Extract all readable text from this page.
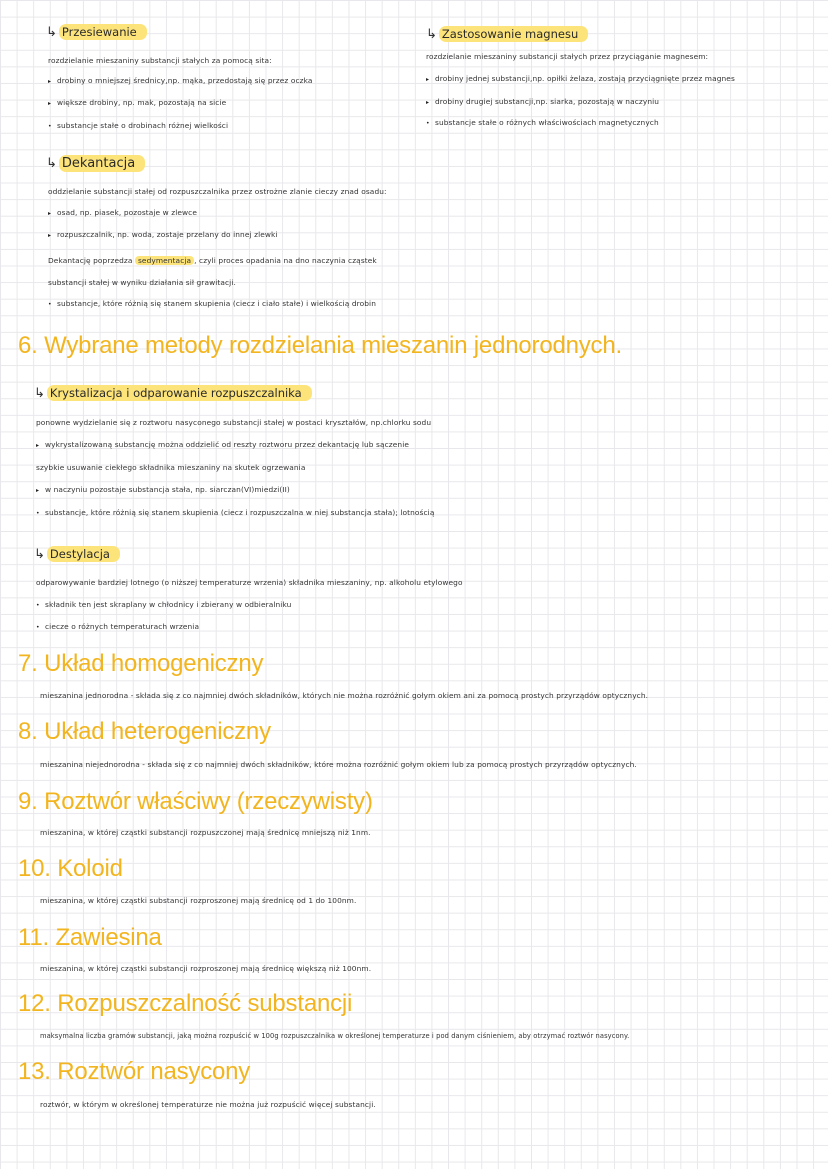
↳ Przesiewanie
rozdzielanie mieszaniny substancji stałych za pomocą sita:
▸ drobiny o mniejszej średnicy,np. mąka, przedostają się przez oczka
▸ większe drobiny, np. mak, pozostają na sicie
• substancje stałe o drobinach różnej wielkości
↳ Zastosowanie magnesu
rozdzielanie mieszaniny substancji stałych przez przyciąganie magnesem:
▸ drobiny jednej substancji,np. opiłki żelaza, zostają przyciągnięte przez magnes
▸ drobiny drugiej substancji,np. siarka, pozostają w naczyniu
• substancje stałe o różnych właściwościach magnetycznych
↳ Dekantacja
oddzielanie substancji stałej od rozpuszczalnika przez ostrożne zlanie cieczy znad osadu:
▸ osad, np. piasek, pozostaje w zlewce
▸ rozpuszczalnik, np. woda, zostaje przelany do innej zlewki
Dekantację poprzedza sedymentacja , czyli proces opadania na dno naczynia cząstek
substancji stałej w wyniku działania sił grawitacji.
• substancje, które różnią się stanem skupienia (ciecz i ciało stałe) i wielkością drobin
6. Wybrane metody rozdzielania mieszanin jednorodnych.
↳ Krystalizacja i odparowanie rozpuszczalnika
ponowne wydzielanie się z roztworu nasyconego substancji stałej w postaci kryształów, np.chlorku sodu
▸ wykrystalizowaną substancję można oddzielić od reszty roztworu przez dekantację lub sączenie
szybkie usuwanie ciekłego składnika mieszaniny na skutek ogrzewania
▸ w naczyniu pozostaje substancja stała, np. siarczan(VI)miedzi(II)
• substancje, które różnią się stanem skupienia (ciecz i rozpuszczalna w niej substancja stała); lotnością
↳ Destylacja
odparowywanie bardziej lotnego (o niższej temperaturze wrzenia) składnika mieszaniny, np. alkoholu etylowego
• składnik ten jest skraplany w chłodnicy i zbierany w odbieralniku
• ciecze o różnych temperaturach wrzenia
7. Układ homogeniczny
mieszanina jednorodna - składa się z co najmniej dwóch składników, których nie można rozróżnić gołym okiem ani za pomocą prostych przyrządów optycznych.
8. Układ heterogeniczny
mieszanina niejednorodna - składa się z co najmniej dwóch składników, które można rozróżnić gołym okiem lub za pomocą prostych przyrządów optycznych.
9. Roztwór właściwy (rzeczywisty)
mieszanina, w której cząstki substancji rozpuszczonej mają średnicę mniejszą niż 1nm.
10. Koloid
mieszanina, w której cząstki substancji rozproszonej mają średnicę od 1 do 100nm.
11. Zawiesina
mieszanina, w której cząstki substancji rozproszonej mają średnicę większą niż 100nm.
12. Rozpuszczalność substancji
maksymalna liczba gramów substancji, jaką można rozpuścić w 100g rozpuszczalnika w określonej temperaturze i pod danym ciśnieniem, aby otrzymać roztwór nasycony.
13. Roztwór nasycony
roztwór, w którym w określonej temperaturze nie można już rozpuścić więcej substancji.
